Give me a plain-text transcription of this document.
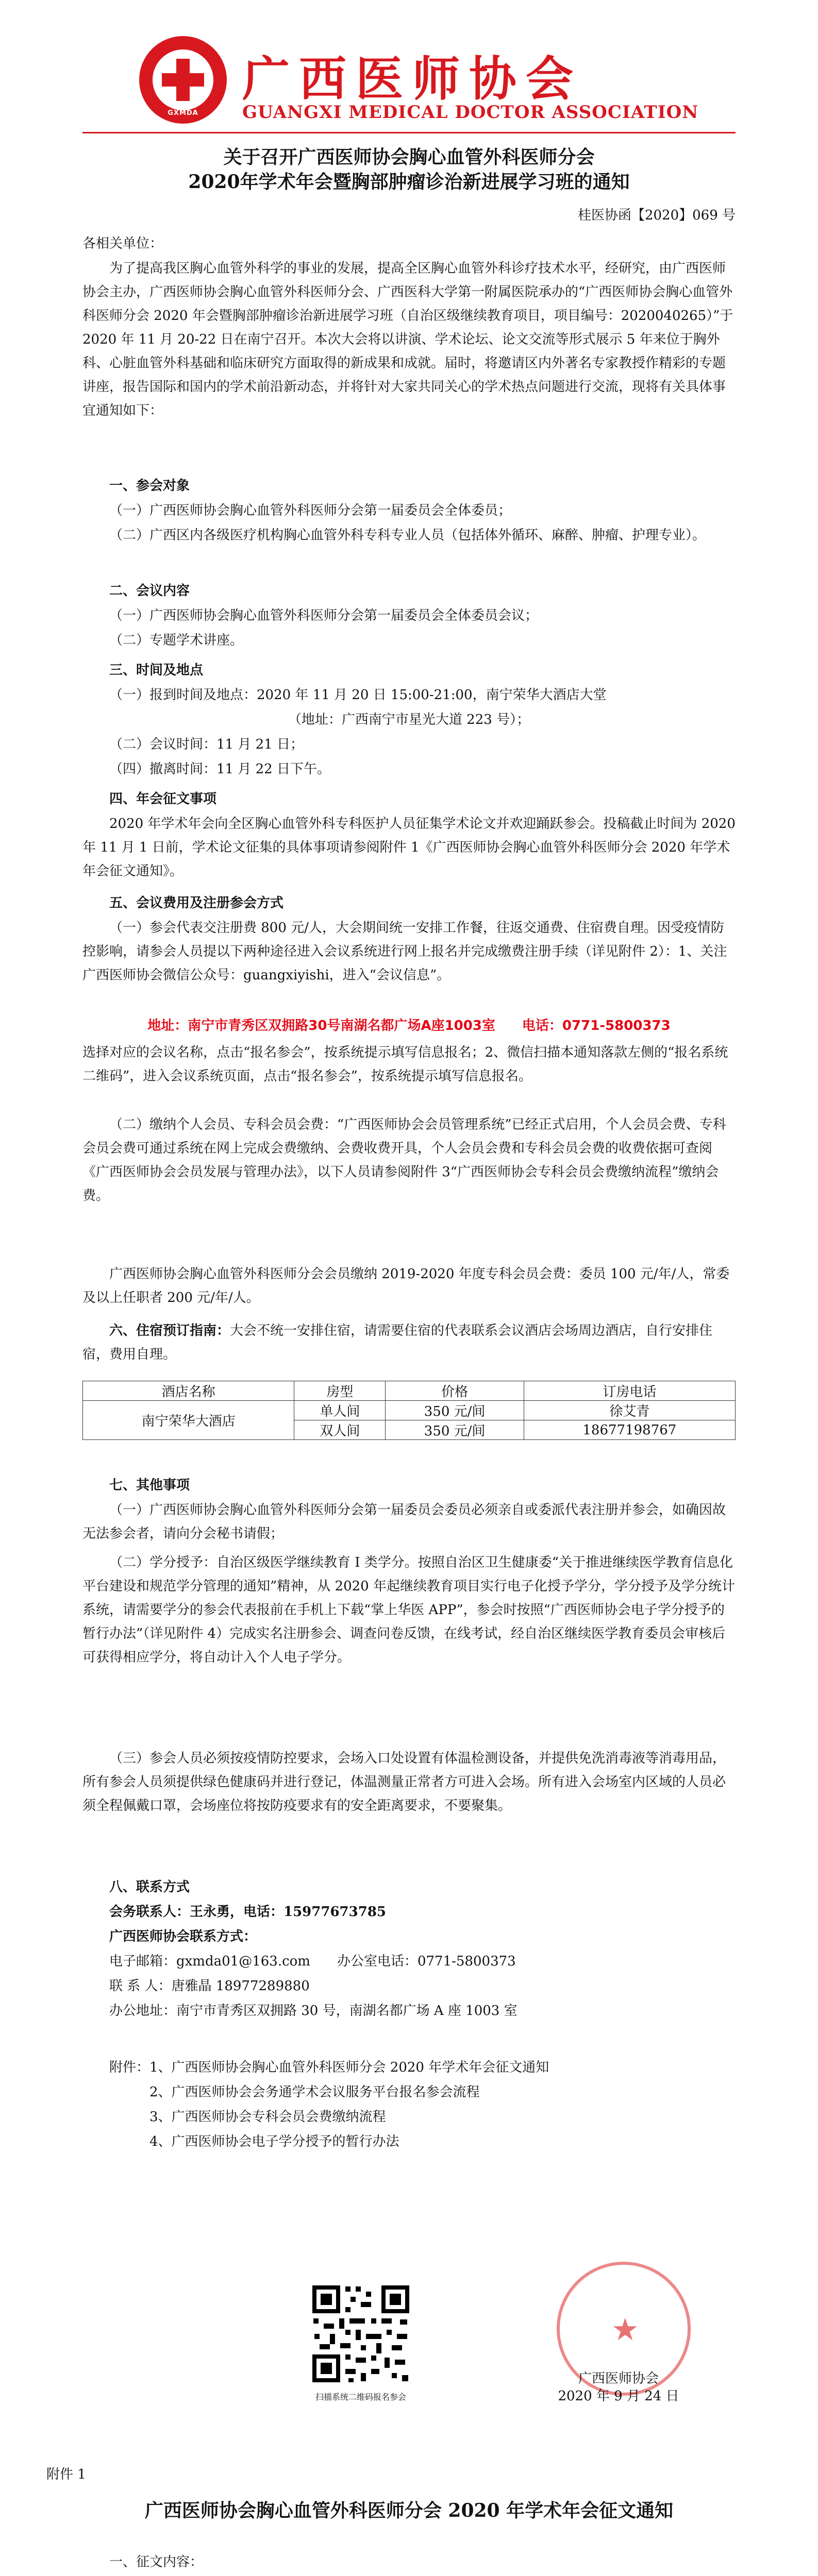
GXMDA
广西医师协会
GUANGXI MEDICAL DOCTOR ASSOCIATION
关于召开广西医师协会胸心血管外科医师分会
2020年学术年会暨胸部肿瘤诊治新进展学习班的通知
桂医协函【2020】069 号
各相关单位：
为了提高我区胸心血管外科学的事业的发展，提高全区胸心血管外科诊疗技术水平，经研究，由广西医师协会主办，广西医师协会胸心血管外科医师分会、广西医科大学第一附属医院承办的“广西医师协会胸心血管外科医师分会 2020 年会暨胸部肿瘤诊治新进展学习班（自治区级继续教育项目，项目编号：2020040265）”于 2020 年 11 月 20-22 日在南宁召开。本次大会将以讲演、学术论坛、论文交流等形式展示 5 年来位于胸外科、心脏血管外科基础和临床研究方面取得的新成果和成就。届时，将邀请区内外著名专家教授作精彩的专题讲座，报告国际和国内的学术前沿新动态，并将针对大家共同关心的学术热点问题进行交流，现将有关具体事宜通知如下：
一、参会对象
（一）广西医师协会胸心血管外科医师分会第一届委员会全体委员；
（二）广西区内各级医疗机构胸心血管外科专科专业人员（包括体外循环、麻醉、肿瘤、护理专业）。
二、会议内容
（一）广西医师协会胸心血管外科医师分会第一届委员会全体委员会议；
（二）专题学术讲座。
三、时间及地点
（一）报到时间及地点：2020 年 11 月 20 日 15:00-21:00，南宁荣华大酒店大堂
（地址：广西南宁市星光大道 223 号）；
（二）会议时间：11 月 21 日；
（四）撤离时间：11 月 22 日下午。
四、年会征文事项
2020 年学术年会向全区胸心血管外科专科医护人员征集学术论文并欢迎踊跃参会。投稿截止时间为 2020 年 11 月 1 日前，学术论文征集的具体事项请参阅附件 1《广西医师协会胸心血管外科医师分会 2020 年学术年会征文通知》。
五、会议费用及注册参会方式
（一）参会代表交注册费 800 元/人，大会期间统一安排工作餐，往返交通费、住宿费自理。因受疫情防控影响，请参会人员提以下两种途径进入会议系统进行网上报名并完成缴费注册手续（详见附件 2）：1、关注广西医师协会微信公众号：guangxiyishi，进入“会议信息”。
地址：南宁市青秀区双拥路30号南湖名都广场A座1003室　　电话：0771-5800373
选择对应的会议名称，点击“报名参会”，按系统提示填写信息报名；2、微信扫描本通知落款左侧的“报名系统二维码”，进入会议系统页面，点击“报名参会”，按系统提示填写信息报名。
（二）缴纳个人会员、专科会员会费：“广西医师协会会员管理系统”已经正式启用，个人会员会费、专科会员会费可通过系统在网上完成会费缴纳、会费收费开具，个人会员会费和专科会员会费的收费依据可查阅《广西医师协会会员发展与管理办法》，以下人员请参阅附件 3“广西医师协会专科会员会费缴纳流程”缴纳会费。
广西医师协会胸心血管外科医师分会会员缴纳 2019-2020 年度专科会员会费：委员 100 元/年/人，常委及以上任职者 200 元/年/人。
六、住宿预订指南：大会不统一安排住宿，请需要住宿的代表联系会议酒店会场周边酒店，自行安排住宿，费用自理。
酒店名称	房型	价格	订房电话
南宁荣华大酒店	单人间	350 元/间	徐艾青
	双人间	350 元/间	18677198767
七、其他事项
（一）广西医师协会胸心血管外科医师分会第一届委员会委员必须亲自或委派代表注册并参会，如确因故无法参会者，请向分会秘书请假；
（二）学分授予：自治区级医学继续教育 I 类学分。按照自治区卫生健康委“关于推进继续医学教育信息化平台建设和规范学分管理的通知”精神，从 2020 年起继续教育项目实行电子化授予学分，学分授予及学分统计系统，请需要学分的参会代表报前在手机上下载“掌上华医 APP”，参会时按照“广西医师协会电子学分授予的暂行办法”（详见附件 4）完成实名注册参会、调查问卷反馈，在线考试，经自治区继续医学教育委员会审核后可获得相应学分，将自动计入个人电子学分。
（三）参会人员必须按疫情防控要求，会场入口处设置有体温检测设备，并提供免洗消毒液等消毒用品，所有参会人员须提供绿色健康码并进行登记，体温测量正常者方可进入会场。所有进入会场室内区域的人员必须全程佩戴口罩，会场座位将按防疫要求有的安全距离要求，不要聚集。
八、联系方式
会务联系人：王永勇，电话：15977673785
广西医师协会联系方式：
电子邮箱：gxmda01@163.com　　办公室电话：0771-5800373
联 系 人：唐雅晶 18977289880
办公地址：南宁市青秀区双拥路 30 号，南湖名都广场 A 座 1003 室
附件：1、广西医师协会胸心血管外科医师分会 2020 年学术年会征文通知
2、广西医师协会会务通学术会议服务平台报名参会流程
3、广西医师协会专科会员会费缴纳流程
4、广西医师协会电子学分授予的暂行办法
扫描系统二维码报名参会
★
广西医师协会
2020 年 9 月 24 日
附件 1
广西医师协会胸心血管外科医师分会 2020 年学术年会征文通知
一、征文内容：
